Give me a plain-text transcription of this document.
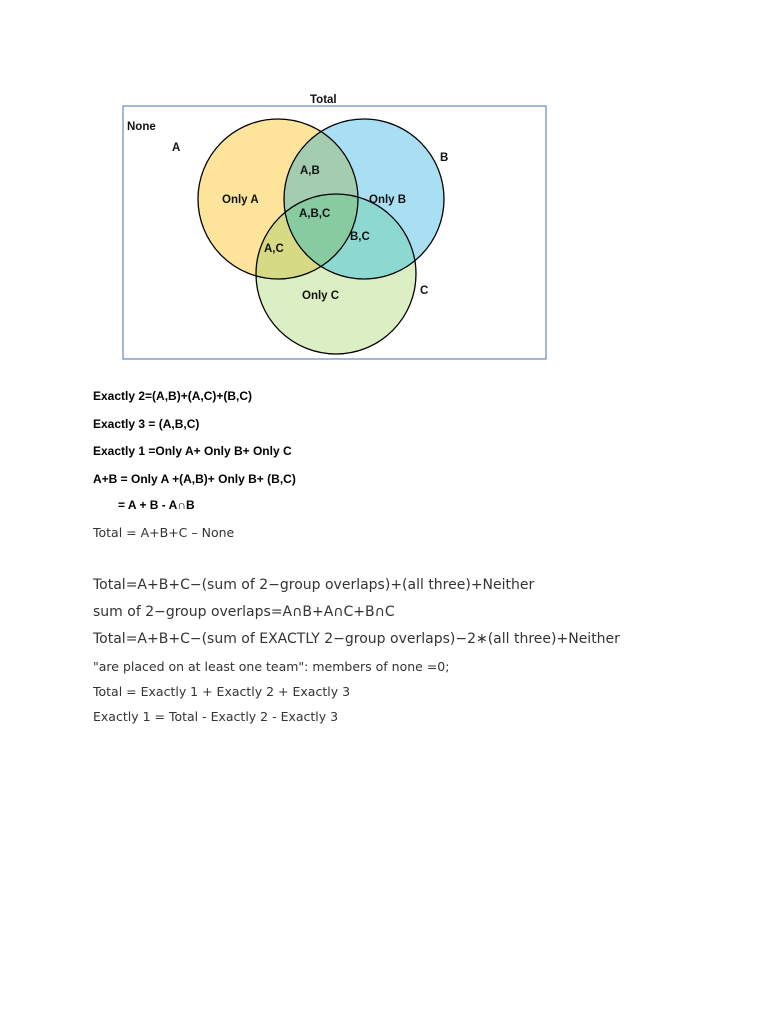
Total
None
A
B
C
Only A	Only B
Only C
A,B
A,B,C
B,C
A,C

Exactly 2=(A,B)+(A,C)+(B,C)

Exactly 3 = (A,B,C)

Exactly 1 =Only A+ Only B+ Only C

A+B = Only A +(A,B)+ Only B+ (B,C)

= A + B - A∩B

Total = A+B+C – None

Total=A+B+C−(sum of 2−group overlaps)+(all three)+Neither

sum of 2−group overlaps=A∩B+A∩C+B∩C

Total=A+B+C−(sum of EXACTLY 2−group overlaps)−2∗(all three)+Neither

"are placed on at least one team": members of none =0;

Total = Exactly 1 + Exactly 2 + Exactly 3

Exactly 1 = Total - Exactly 2 - Exactly 3
